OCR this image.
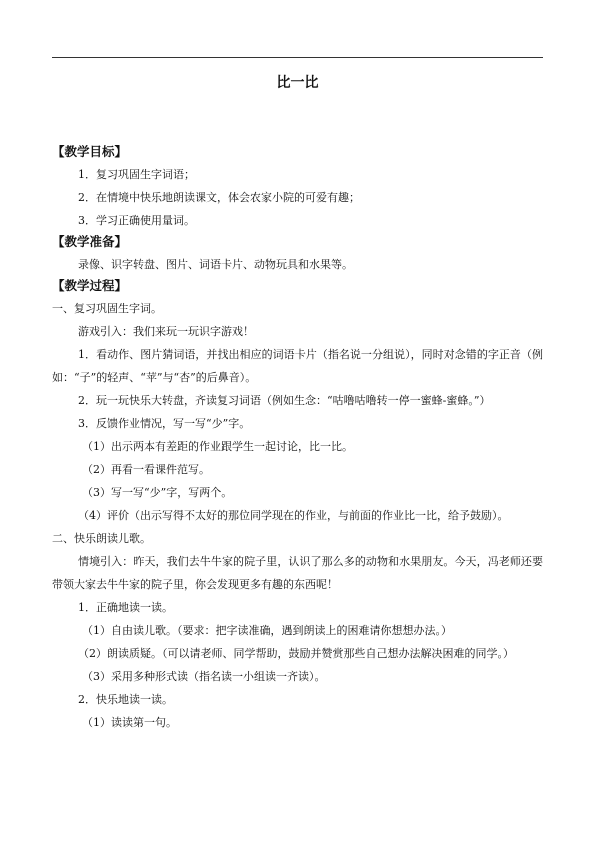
比一比
【教学目标】
1．复习巩固生字词语；
2．在情境中快乐地朗读课文，体会农家小院的可爱有趣；
3．学习正确使用量词。
【教学准备】
录像、识字转盘、图片、词语卡片、动物玩具和水果等。
【教学过程】
一、复习巩固生字词。
游戏引入：我们来玩一玩识字游戏！
1．看动作、图片猜词语，并找出相应的词语卡片（指名说一分组说），同时对念错的字正音（例如：“子”的轻声、“苹”与“杏”的后鼻音）。
2．玩一玩快乐大转盘，齐读复习词语（例如生念：“咕噜咕噜转一停一蜜蜂-蜜蜂。”）
3．反馈作业情况，写一写“少”字。
（1）出示两本有差距的作业跟学生一起讨论，比一比。
（2）再看一看课件范写。
（3）写一写“少”字，写两个。
（4）评价（出示写得不太好的那位同学现在的作业，与前面的作业比一比，给予鼓励）。
二、快乐朗读儿歌。
情境引入：昨天，我们去牛牛家的院子里，认识了那么多的动物和水果朋友。今天，冯老师还要带领大家去牛牛家的院子里，你会发现更多有趣的东西呢！
1．正确地读一读。
（1）自由读儿歌。（要求：把字读准确，遇到朗读上的困难请你想想办法。）
（2）朗读质疑。（可以请老师、同学帮助，鼓励并赞赏那些自己想办法解决困难的同学。）
（3）采用多种形式读（指名读一小组读一齐读）。
2．快乐地读一读。
（1）读读第一句。
